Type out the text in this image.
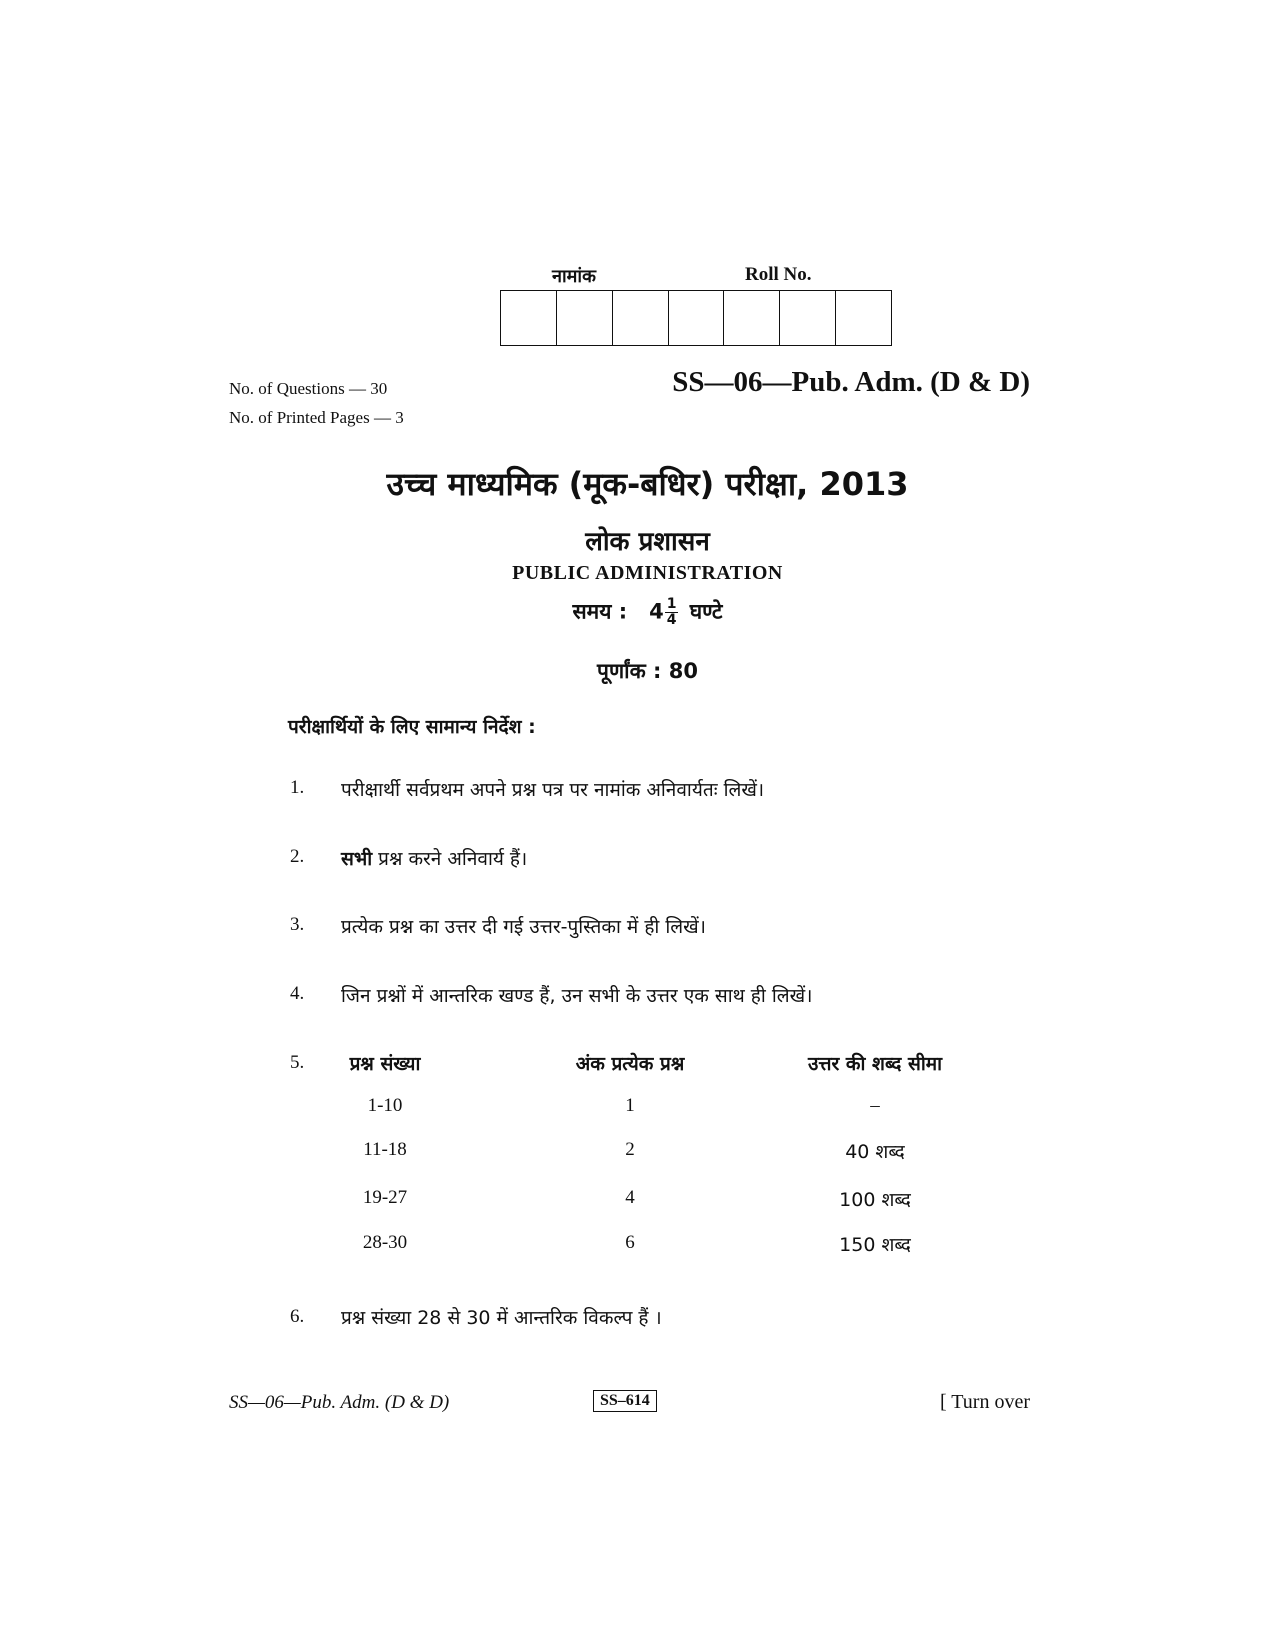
नामांक	Roll No.
No. of Questions — 30
No. of Printed Pages — 3
SS—06—Pub. Adm. (D & D)
उच्च माध्यमिक (मूक-बधिर) परीक्षा, 2013
लोक प्रशासन
PUBLIC ADMINISTRATION
समय : $4 \frac{1}{4}$ घण्टे
पूर्णांक : 80
परीक्षार्थियों के लिए सामान्य निर्देश :
1. परीक्षार्थी सर्वप्रथम अपने प्रश्न पत्र पर नामांक अनिवार्यतः लिखें।
2. सभी प्रश्न करने अनिवार्य हैं।
3. प्रत्येक प्रश्न का उत्तर दी गई उत्तर-पुस्तिका में ही लिखें।
4. जिन प्रश्नों में आन्तरिक खण्ड हैं, उन सभी के उत्तर एक साथ ही लिखें।
5.	प्रश्न संख्या	अंक प्रत्येक प्रश्न	उत्तर की शब्द सीमा
1-10	1	–
11-18	2	40 शब्द
19-27	4	100 शब्द
28-30	6	150 शब्द
6. प्रश्न संख्या 28 से 30 में आन्तरिक विकल्प हैं ।
SS—06—Pub. Adm. (D & D)	SS–614	[ Turn over
